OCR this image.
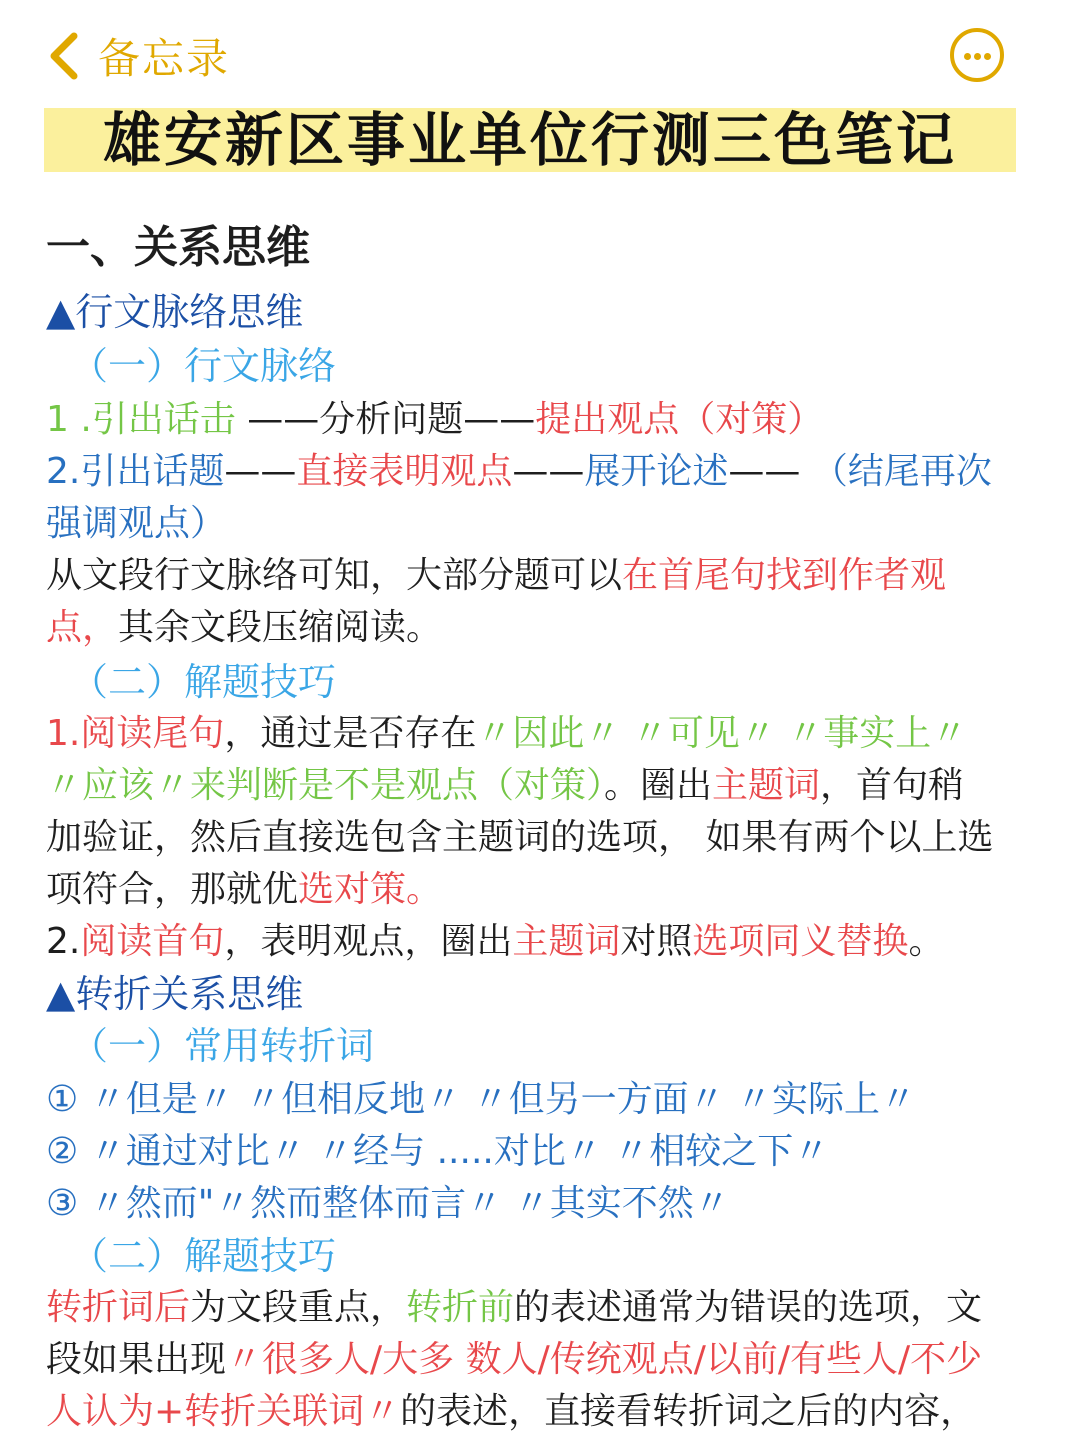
备忘录
雄安新区事业单位行测三色笔记
一、关系思维
▲行文脉络思维
（一）行文脉络
1 .引出话击 ——分析问题——提出观点（对策）
2.引出话题——直接表明观点——展开论述—— （结尾再次
强调观点）
从文段行文脉络可知，大部分题可以在首尾句找到作者观
点，其余文段压缩阅读。
（二）解题技巧
1.阅读尾句，通过是否存在〃因此〃 〃可见〃 〃事实上〃
〃应该〃来判断是不是观点（对策）。圈出主题词，首句稍
加验证，然后直接选包含主题词的选项， 如果有两个以上选
项符合，那就优选对策。
2.阅读首句，表明观点，圈出主题词对照选项同义替换。
▲转折关系思维
（一）常用转折词
① 〃但是〃 〃但相反地〃 〃但另一方面〃 〃实际上〃
② 〃通过对比〃 〃经与 .....对比〃 〃相较之下〃
③ 〃然而"〃然而整体而言〃 〃其实不然〃
（二）解题技巧
转折词后为文段重点，转折前的表述通常为错误的选项，文
段如果出现〃很多人/大多 数人/传统观点/以前/有些人/不少
人认为+转折关联词〃的表述，直接看转折词之后的内容，
